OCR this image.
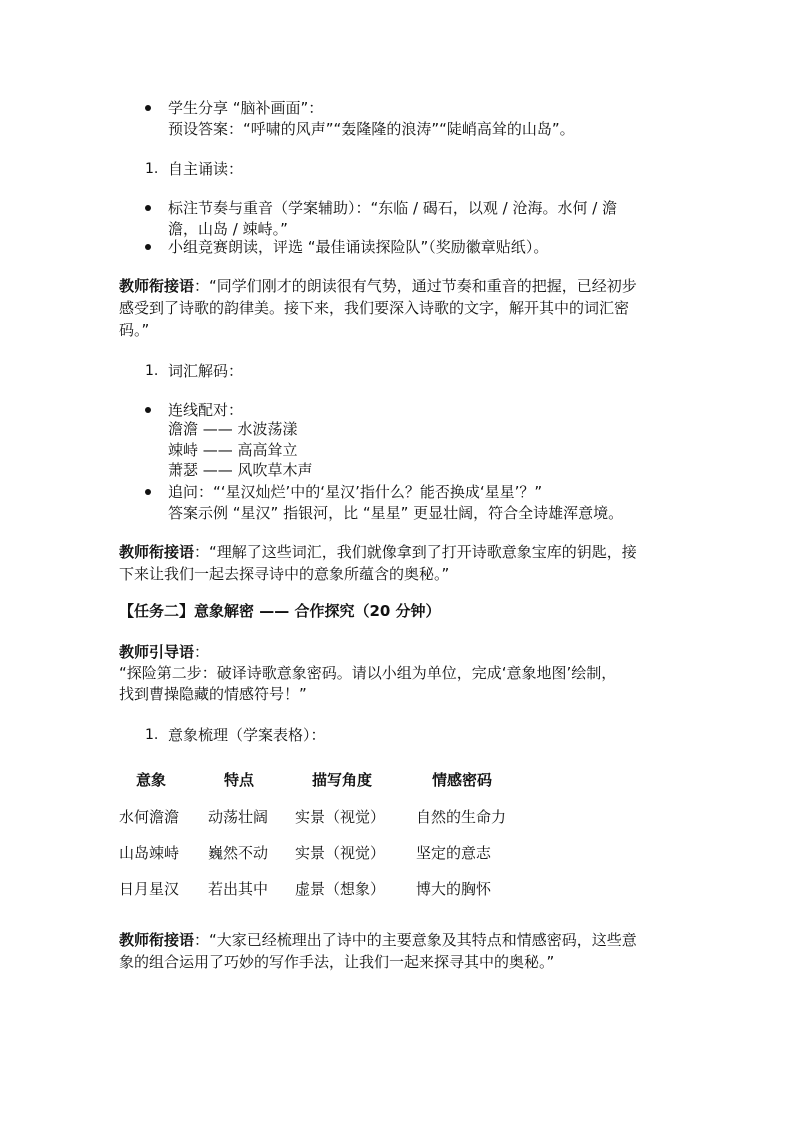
学生分享 “脑补画面”：
预设答案：“呼啸的风声”“轰隆隆的浪涛”“陡峭高耸的山岛”。
1. 自主诵读：
标注节奏与重音（学案辅助）：“东临 / 碣石，以观 / 沧海。水何 / 澹
澹，山岛 / 竦峙。”
小组竞赛朗读，评选 “最佳诵读探险队”（奖励徽章贴纸）。
教师衔接语：“同学们刚才的朗读很有气势，通过节奏和重音的把握，已经初步
感受到了诗歌的韵律美。接下来，我们要深入诗歌的文字，解开其中的词汇密
码。”
1. 词汇解码：
连线配对：
澹澹 —— 水波荡漾
竦峙 —— 高高耸立
萧瑟 —— 风吹草木声
追问：“‘星汉灿烂’中的‘星汉’指什么？能否换成‘星星’？”
答案示例 “星汉” 指银河，比 “星星” 更显壮阔，符合全诗雄浑意境。
教师衔接语：“理解了这些词汇，我们就像拿到了打开诗歌意象宝库的钥匙，接
下来让我们一起去探寻诗中的意象所蕴含的奥秘。”
【任务二】意象解密 —— 合作探究（20 分钟）
教师引导语：
“探险第二步：破译诗歌意象密码。请以小组为单位，完成‘意象地图’绘制，
找到曹操隐藏的情感符号！”
1. 意象梳理（学案表格）：
意象	特点	描写角度	情感密码
水何澹澹 动荡壮阔 实景（视觉） 自然的生命力
山岛竦峙 巍然不动 实景（视觉） 坚定的意志
日月星汉 若出其中 虚景（想象） 博大的胸怀
教师衔接语：“大家已经梳理出了诗中的主要意象及其特点和情感密码，这些意
象的组合运用了巧妙的写作手法，让我们一起来探寻其中的奥秘。”
